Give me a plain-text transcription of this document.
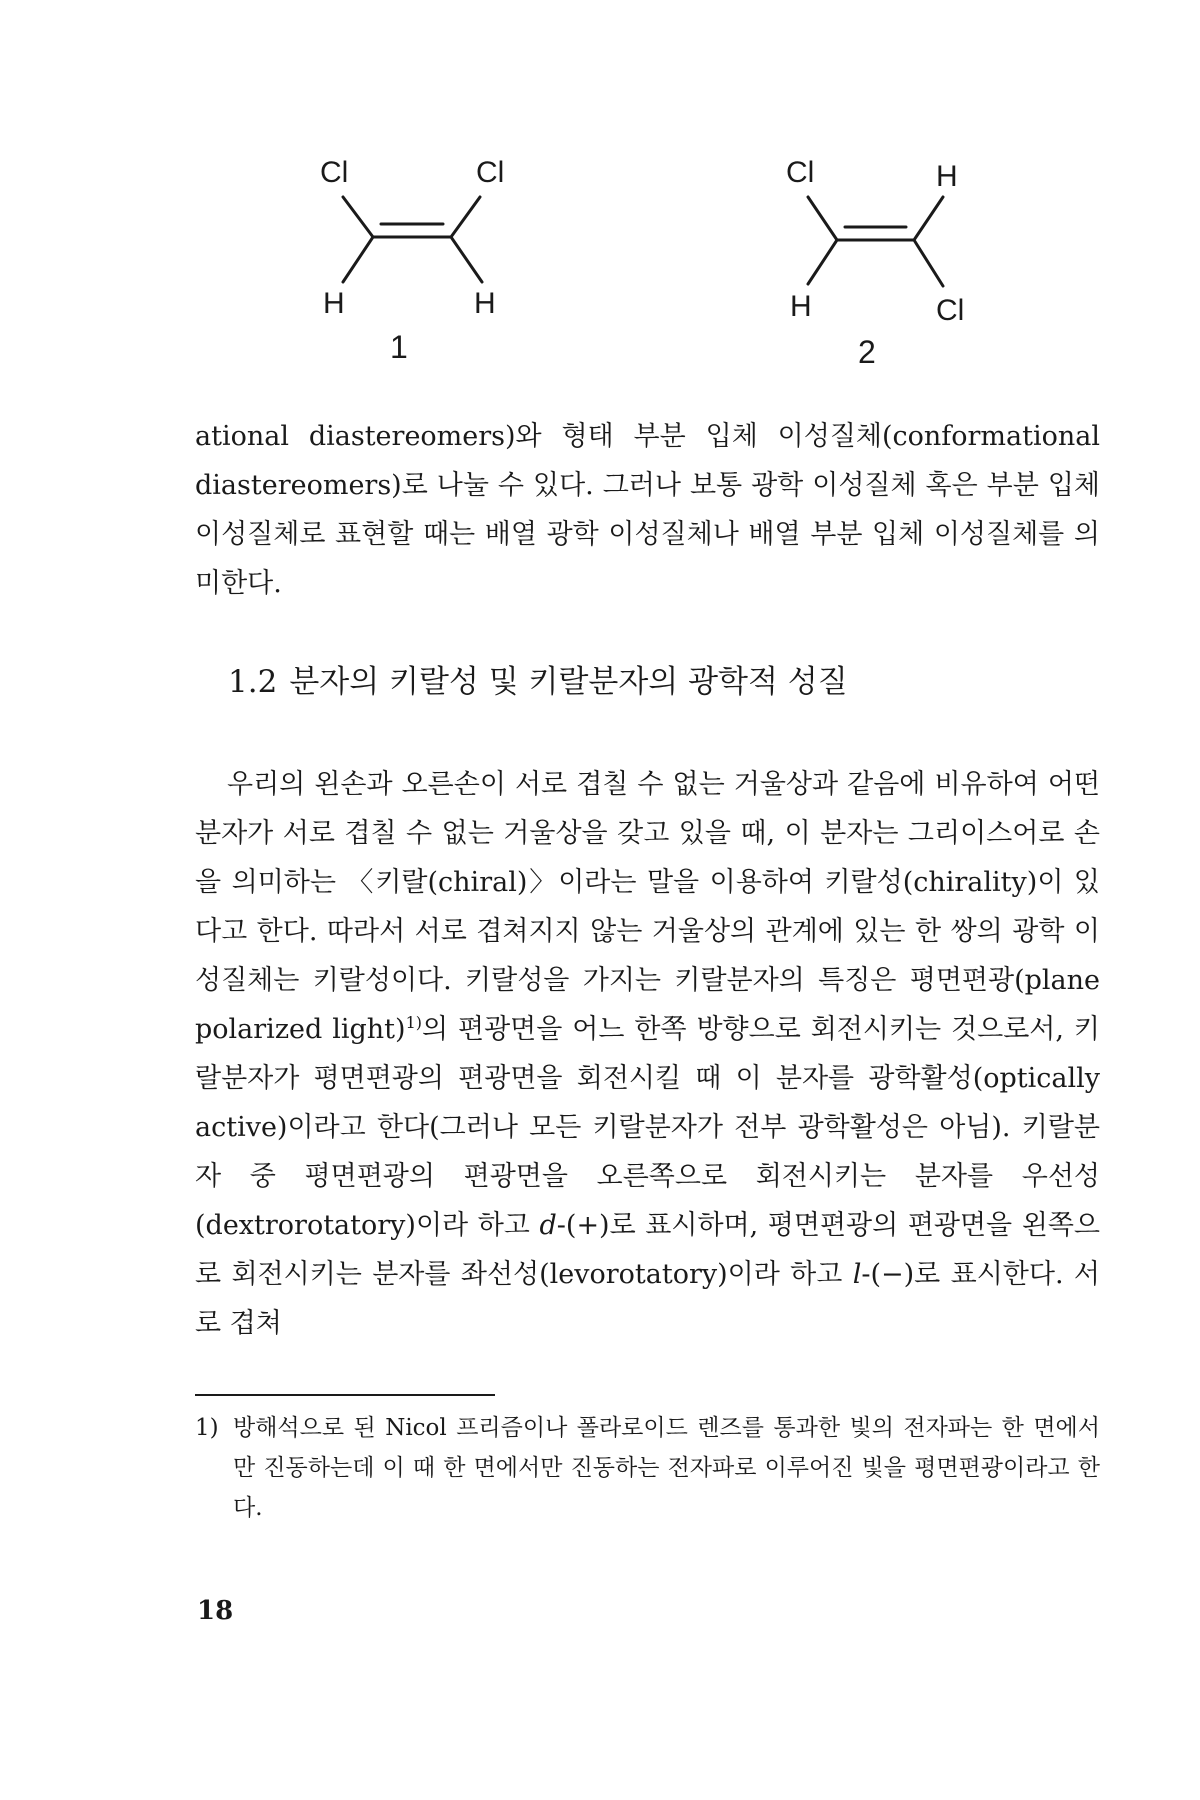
Cl	Cl
H	H
1
Cl	H
H	Cl
2

ational diastereomers)와 형태 부분 입체 이성질체(conformational diastereomers)로 나눌 수 있다. 그러나 보통 광학 이성질체 혹은 부분 입체 이성질체로 표현할 때는 배열 광학 이성질체나 배열 부분 입체 이성질체를 의미한다.

1.2 분자의 키랄성 및 키랄분자의 광학적 성질

우리의 왼손과 오른손이 서로 겹칠 수 없는 거울상과 같음에 비유하여 어떤 분자가 서로 겹칠 수 없는 거울상을 갖고 있을 때, 이 분자는 그리이스어로 손을 의미하는 〈키랄(chiral)〉이라는 말을 이용하여 키랄성(chirality)이 있다고 한다. 따라서 서로 겹쳐지지 않는 거울상의 관계에 있는 한 쌍의 광학 이성질체는 키랄성이다. 키랄성을 가지는 키랄분자의 특징은 평면편광(plane polarized light)$^{1)}$의 편광면을 어느 한쪽 방향으로 회전시키는 것으로서, 키랄분자가 평면편광의 편광면을 회전시킬 때 이 분자를 광학활성(optically active)이라고 한다(그러나 모든 키랄분자가 전부 광학활성은 아님). 키랄분자 중 평면편광의 편광면을 오른쪽으로 회전시키는 분자를 우선성(dextrorotatory)이라 하고 d-(+)로 표시하며, 평면편광의 편광면을 왼쪽으로 회전시키는 분자를 좌선성(levorotatory)이라 하고 l-(−)로 표시한다. 서로 겹쳐

1) 방해석으로 된 Nicol 프리즘이나 폴라로이드 렌즈를 통과한 빛의 전자파는 한 면에서만 진동하는데 이 때 한 면에서만 진동하는 전자파로 이루어진 빛을 평면편광이라고 한다.
18
